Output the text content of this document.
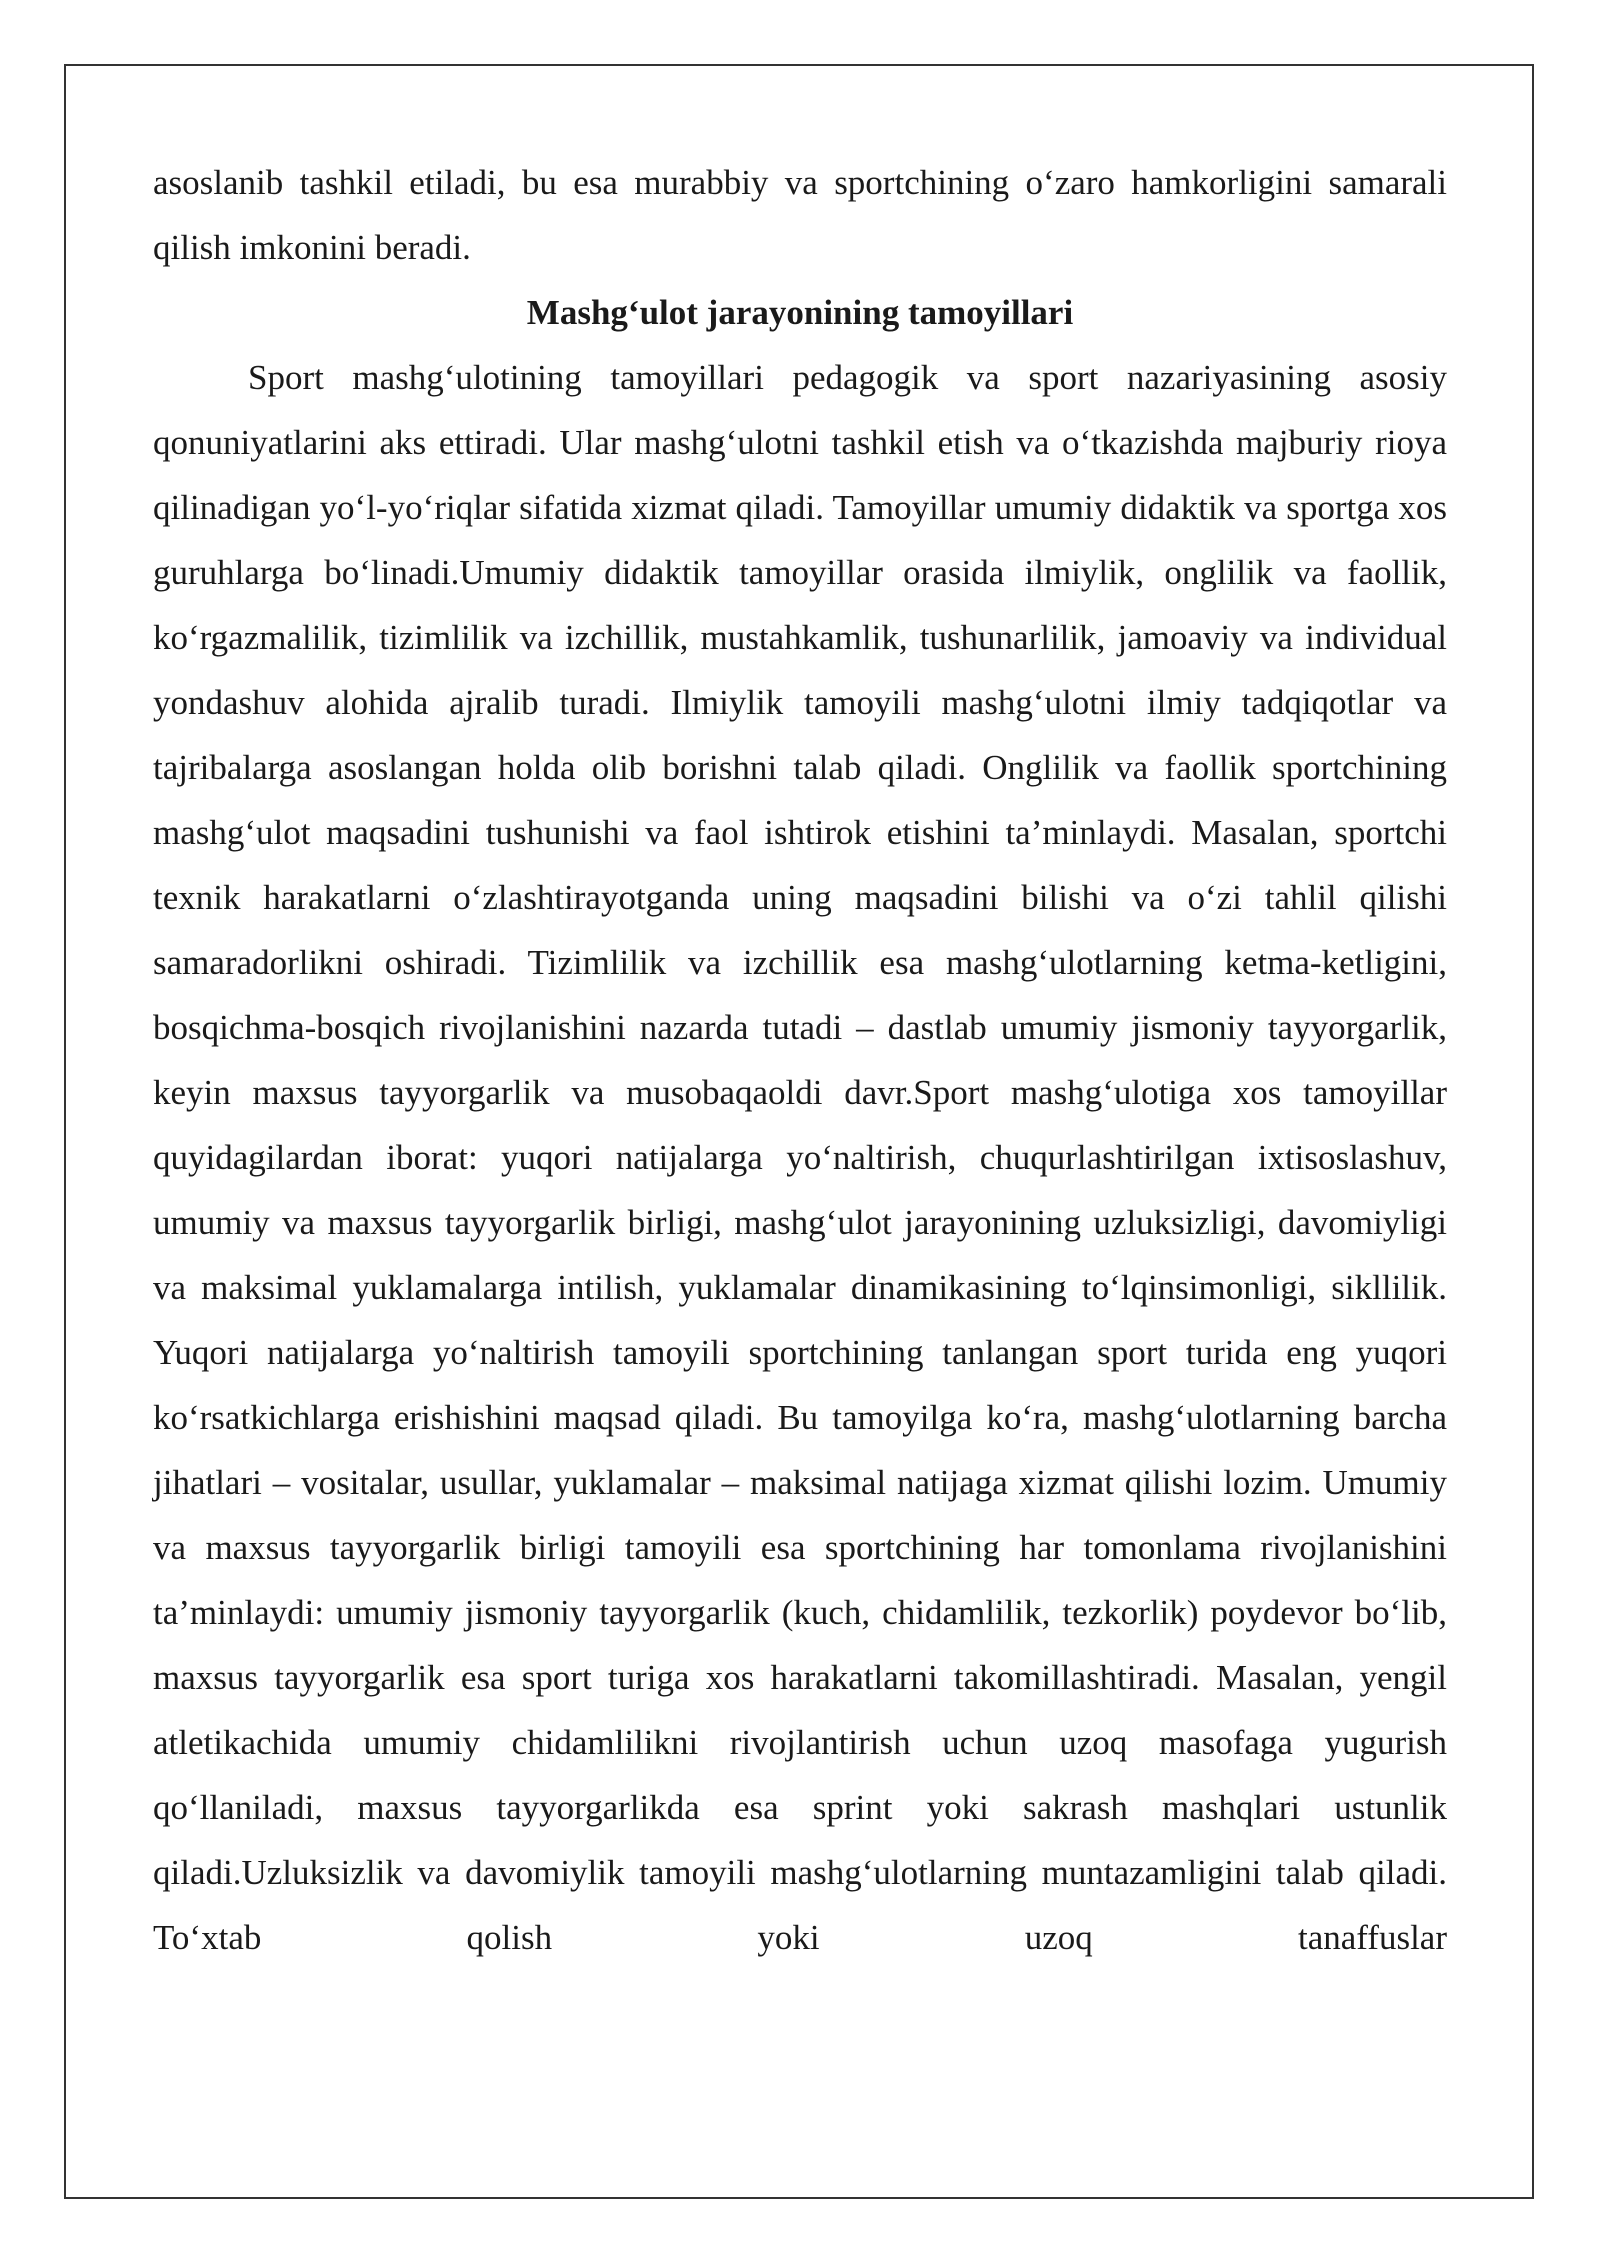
asoslanib tashkil etiladi, bu esa murabbiy va sportchining o‘zaro hamkorligini samarali qilish imkonini beradi.

Mashg‘ulot jarayonining tamoyillari

Sport mashg‘ulotining tamoyillari pedagogik va sport nazariyasining asosiy qonuniyatlarini aks ettiradi. Ular mashg‘ulotni tashkil etish va o‘tkazishda majburiy rioya qilinadigan yo‘l-yo‘riqlar sifatida xizmat qiladi. Tamoyillar umumiy didaktik va sportga xos guruhlarga bo‘linadi.Umumiy didaktik tamoyillar orasida ilmiylik, onglilik va faollik, ko‘rgazmalilik, tizimlilik va izchillik, mustahkamlik, tushunarlilik, jamoaviy va individual yondashuv alohida ajralib turadi. Ilmiylik tamoyili mashg‘ulotni ilmiy tadqiqotlar va tajribalarga asoslangan holda olib borishni talab qiladi. Onglilik va faollik sportchining mashg‘ulot maqsadini tushunishi va faol ishtirok etishini ta’minlaydi. Masalan, sportchi texnik harakatlarni o‘zlashtirayotganda uning maqsadini bilishi va o‘zi tahlil qilishi samaradorlikni oshiradi. Tizimlilik va izchillik esa mashg‘ulotlarning ketma-ketligini, bosqichma-bosqich rivojlanishini nazarda tutadi – dastlab umumiy jismoniy tayyorgarlik, keyin maxsus tayyorgarlik va musobaqaoldi davr.Sport mashg‘ulotiga xos tamoyillar quyidagilardan iborat: yuqori natijalarga yo‘naltirish, chuqurlashtirilgan ixtisoslashuv, umumiy va maxsus tayyorgarlik birligi, mashg‘ulot jarayonining uzluksizligi, davomiyligi va maksimal yuklamalarga intilish, yuklamalar dinamikasining to‘lqinsimonligi, sikllilik. Yuqori natijalarga yo‘naltirish tamoyili sportchining tanlangan sport turida eng yuqori ko‘rsatkichlarga erishishini maqsad qiladi. Bu tamoyilga ko‘ra, mashg‘ulotlarning barcha jihatlari – vositalar, usullar, yuklamalar – maksimal natijaga xizmat qilishi lozim. Umumiy va maxsus tayyorgarlik birligi tamoyili esa sportchining har tomonlama rivojlanishini ta’minlaydi: umumiy jismoniy tayyorgarlik (kuch, chidamlilik, tezkorlik) poydevor bo‘lib, maxsus tayyorgarlik esa sport turiga xos harakatlarni takomillashtiradi. Masalan, yengil atletikachida umumiy chidamlilikni rivojlantirish uchun uzoq masofaga yugurish qo‘llaniladi, maxsus tayyorgarlikda esa sprint yoki sakrash mashqlari ustunlik qiladi.Uzluksizlik va davomiylik tamoyili mashg‘ulotlarning muntazamligini talab qiladi. To‘xtab qolish yoki uzoq tanaffuslar
